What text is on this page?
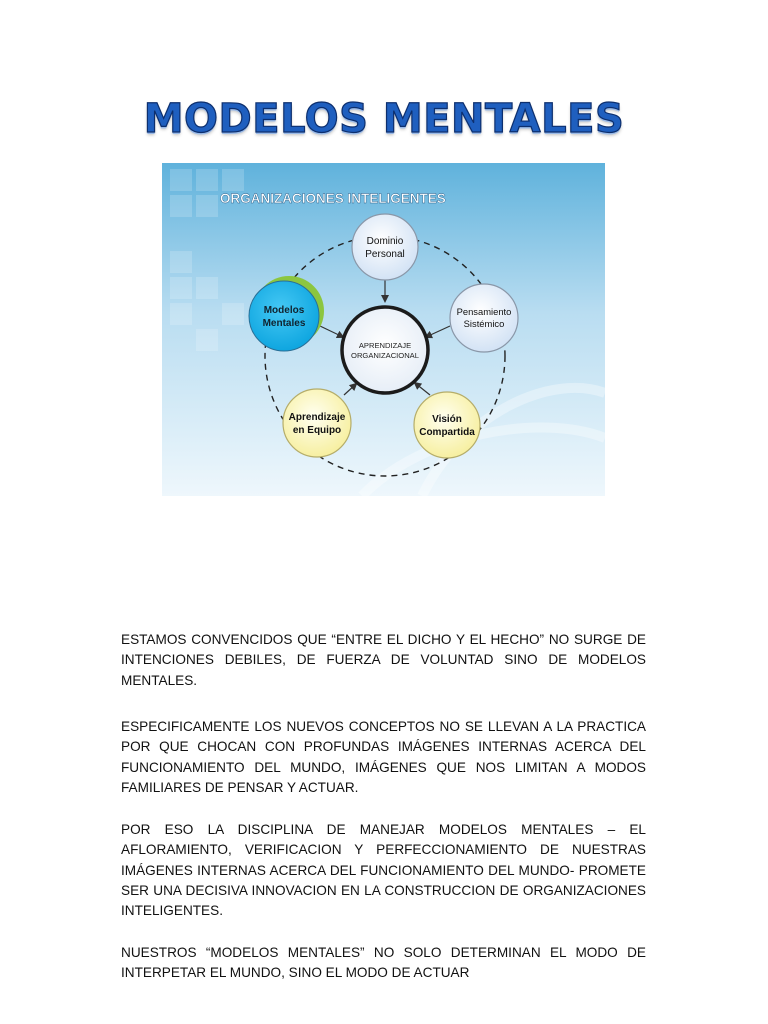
MODELOS MENTALES
ORGANIZACIONES INTELIGENTES
APRENDIZAJE
ORGANIZACIONAL
Dominio
Personal
Pensamiento
Sistémico
Visión
Compartida
Aprendizaje
en Equipo
Modelos
Mentales
ESTAMOS CONVENCIDOS QUE “ENTRE EL DICHO Y EL HECHO” NO SURGE DE INTENCIONES DEBILES, DE FUERZA DE VOLUNTAD SINO DE MODELOS MENTALES.
ESPECIFICAMENTE LOS NUEVOS CONCEPTOS NO SE LLEVAN A LA PRACTICA POR QUE CHOCAN CON PROFUNDAS IMÁGENES INTERNAS ACERCA DEL FUNCIONAMIENTO DEL MUNDO, IMÁGENES QUE NOS LIMITAN A MODOS FAMILIARES DE PENSAR Y ACTUAR.
POR ESO LA DISCIPLINA DE MANEJAR MODELOS MENTALES – EL AFLORAMIENTO, VERIFICACION Y PERFECCIONAMIENTO DE NUESTRAS IMÁGENES INTERNAS ACERCA DEL FUNCIONAMIENTO DEL MUNDO- PROMETE SER UNA DECISIVA INNOVACION EN LA CONSTRUCCION DE ORGANIZACIONES INTELIGENTES.
NUESTROS “MODELOS MENTALES” NO SOLO DETERMINAN EL MODO DE INTERPETAR EL MUNDO, SINO EL MODO DE ACTUAR
